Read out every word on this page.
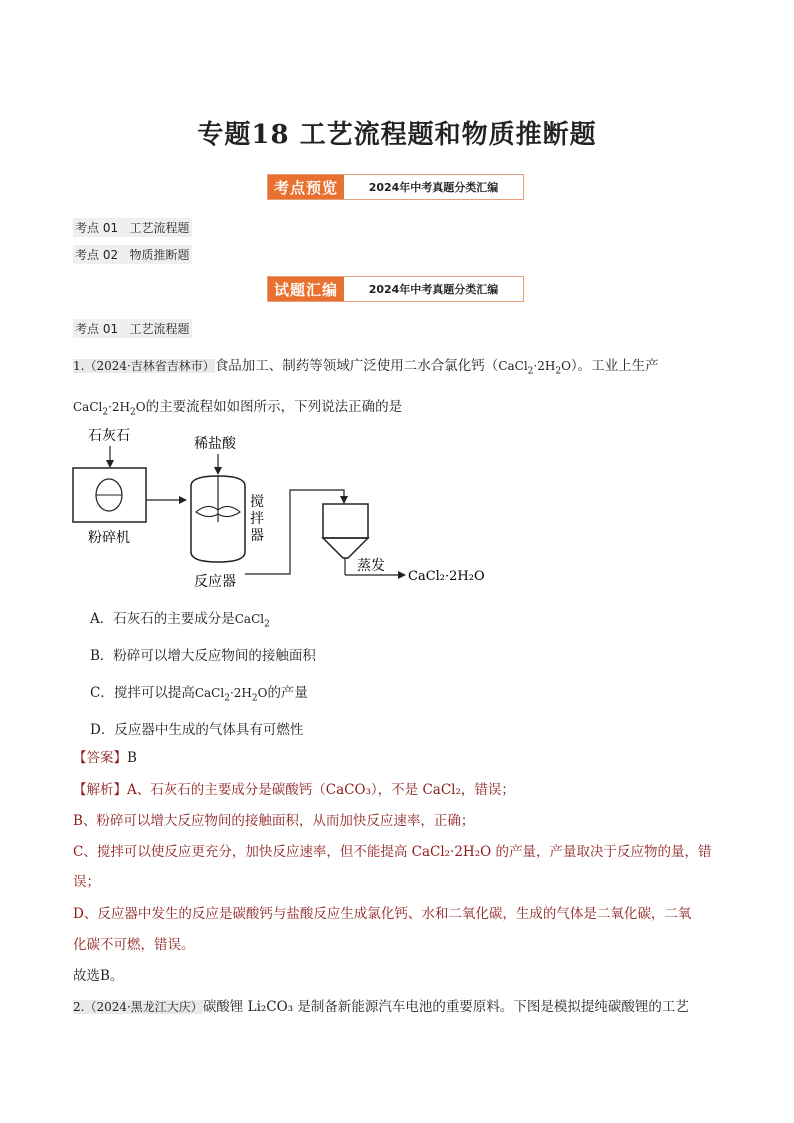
专题18 工艺流程题和物质推断题
考点预览	2024年中考真题分类汇编
考点 01 工艺流程题
考点 02 物质推断题
试题汇编	2024年中考真题分类汇编
考点 01 工艺流程题
1.（2024·吉林省吉林市）食品加工、制药等领域广泛使用二水合氯化钙$(CaCl_2\cdot 2H_2O)$。工业上生产
$CaCl_2\cdot 2H_2O$的主要流程如如图所示，下列说法正确的是
石灰石
粉碎机
稀盐酸
搅
拌
器
反应器
蒸发
CaCl₂·2H₂O
A．石灰石的主要成分是CaCl$_2$
B．粉碎可以增大反应物间的接触面积
C．搅拌可以提高$CaCl_2\cdot 2H_2O$的产量
D．反应器中生成的气体具有可燃性
【答案】B
【解析】A、石灰石的主要成分是碳酸钙（CaCO₃），不是 CaCl₂，错误；
B、粉碎可以增大反应物间的接触面积，从而加快反应速率，正确；
C、搅拌可以使反应更充分，加快反应速率，但不能提高 CaCl₂·2H₂O 的产量，产量取决于反应物的量，错
误；
D、反应器中发生的反应是碳酸钙与盐酸反应生成氯化钙、水和二氧化碳，生成的气体是二氧化碳，二氧
化碳不可燃，错误。
故选B。
2.（2024·黑龙江大庆）碳酸锂 Li₂CO₃ 是制备新能源汽车电池的重要原料。下图是模拟提纯碳酸锂的工艺
